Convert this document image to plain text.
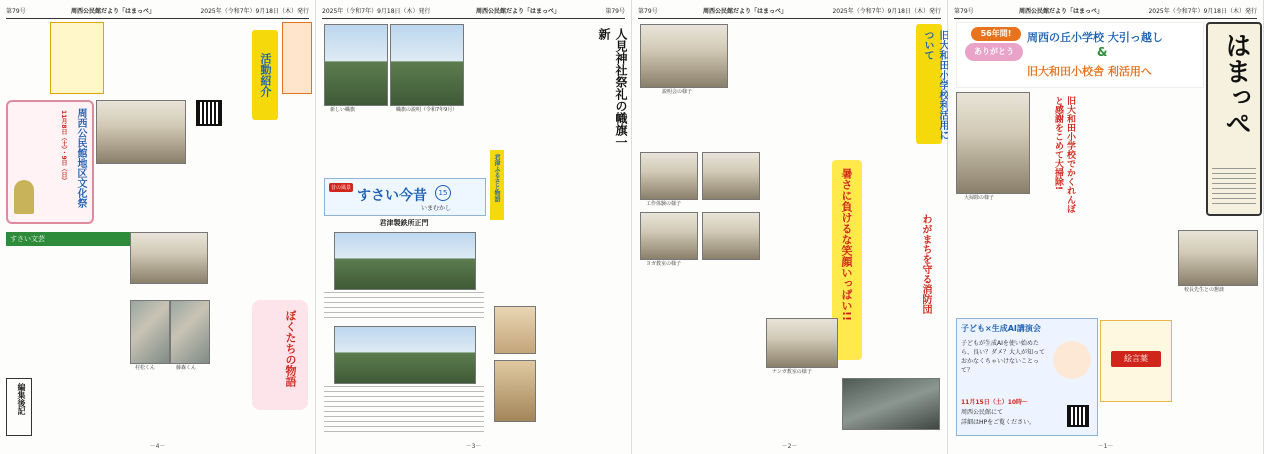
第79号	周西公民館だより「はまっぺ」	2025年（令和7年）9月18日（木）発行
活動紹介
周西公民館地区文化祭
11月8日（土）・9日（日）
すさい文芸
村松くん	藤森くん	ぼくたちの物語
編集後記
－4－
2025年（令和7年）9月18日（木）発行	周西公民館だより「はまっぺ」	第79号
新しい幟旗	幟旗の説明（令和7年9月）	人見神社祭礼の幟旗一新
昔の風景 すさい今昔	15
いまむかし
君津製鉄所正門
君津ふるさと物語
－3－
第79号	周西公民館だより「はまっぺ」	2025年（令和7年）9月18日（木）発行
旧大和田小学校利活用について
説明会の様子
工作体験の様子
ヨガ教室の様子	暑さに負けるな笑顔いっぱい!!	わがまちを守る消防団
ナンガ教室の様子
－2－
第79号	周西公民館だより「はまっぺ」	2025年（令和7年）9月18日（木）発行
56年間!
ありがとう
周西の丘小学校 大引っ越し
&
旧大和田小校舎 利活用へ	はまっぺ
大掃除の様子	旧大和田小学校でかくれんぼと感謝をこめて大掃除!
校長先生との懇談
子ども×生成AI講演会
子どもが生成AIを使い始めたら、良い？ダメ？大人が知っておかなくちゃいけないことって？
11月15日（土）10時～
周西公民館にて
詳細はHPをご覧ください。
絵言葉
－1－
